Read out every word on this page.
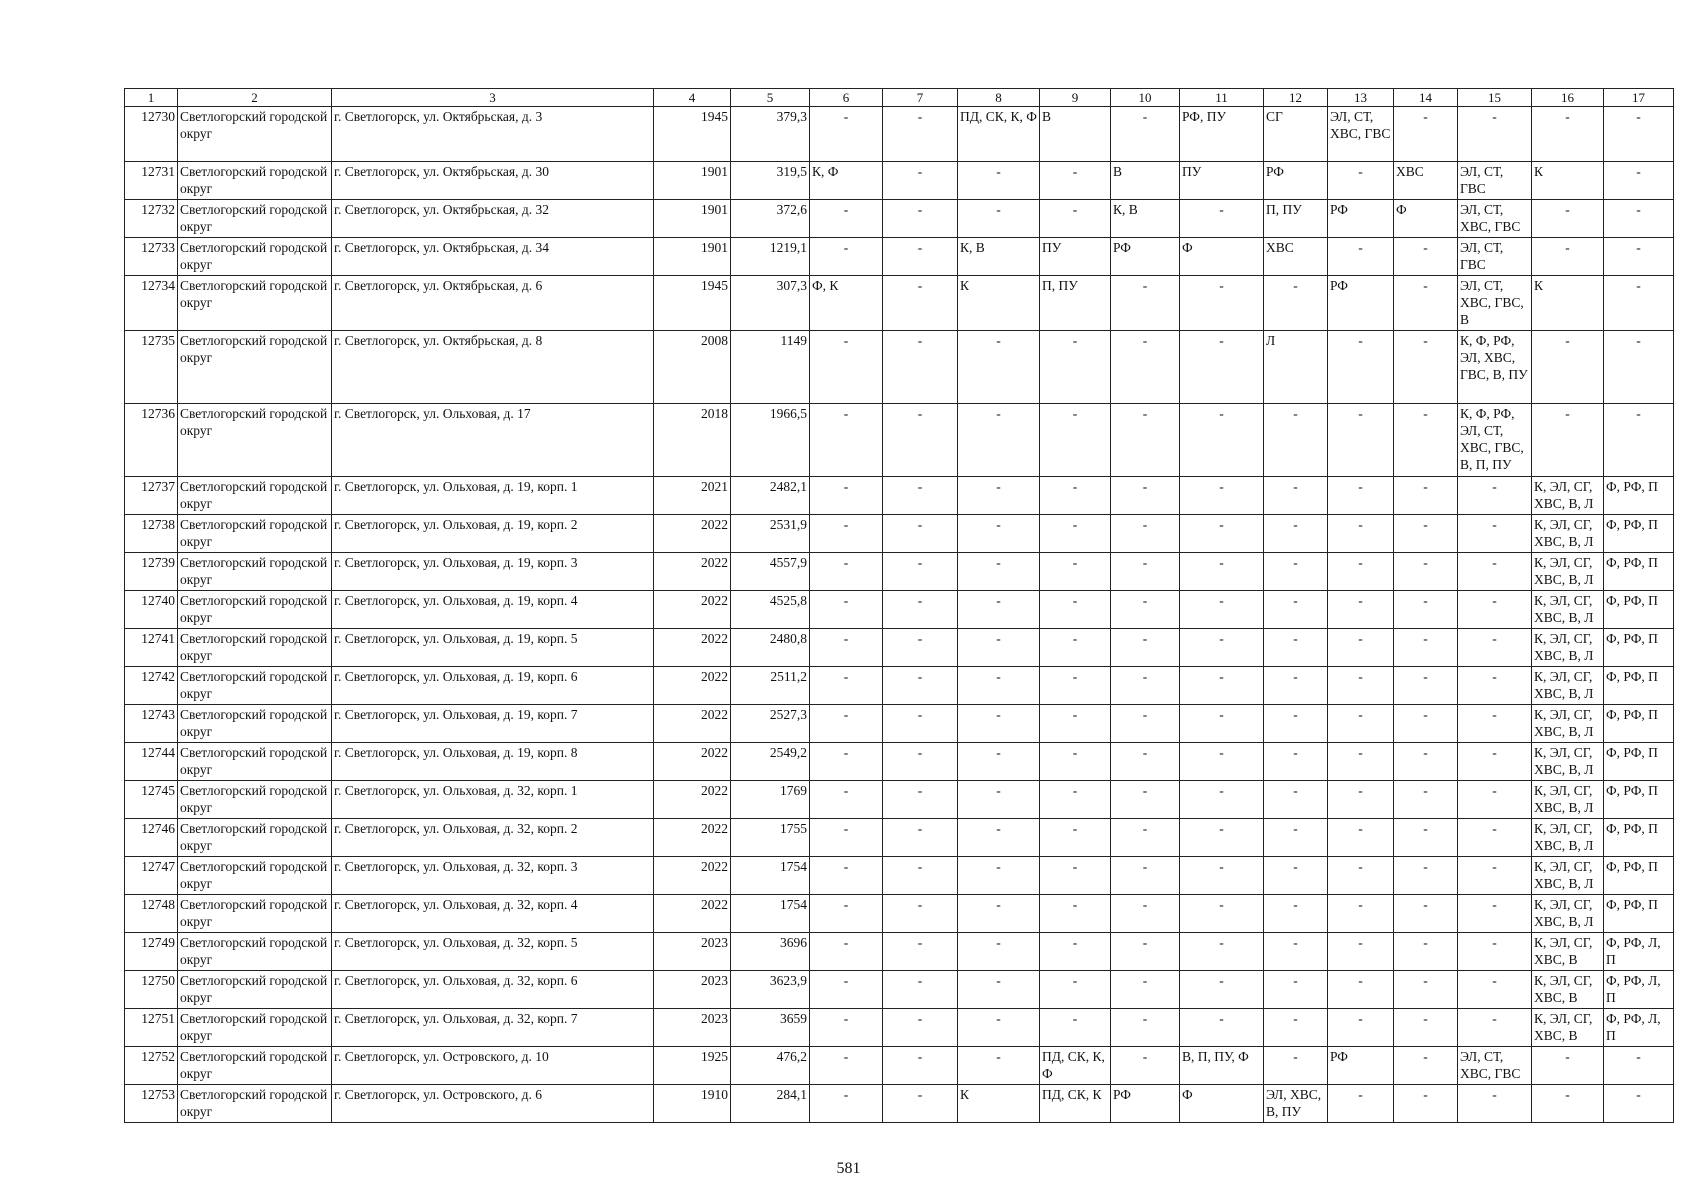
1	2	3	4	5	6	7	8	9	10	11	12	13	14	15	16	17
12730	Светлогорский городской округ	г. Светлогорск, ул. Октябрьская, д. 3	1945	379,3	-	-	ПД, СК, К, Ф	В	-	РФ, ПУ	СГ	ЭЛ, СТ, ХВС, ГВС	-	-	-	-
12731	Светлогорский городской округ	г. Светлогорск, ул. Октябрьская, д. 30	1901	319,5	К, Ф	-	-	-	В	ПУ	РФ	-	ХВС	ЭЛ, СТ, ГВС	К	-
12732	Светлогорский городской округ	г. Светлогорск, ул. Октябрьская, д. 32	1901	372,6	-	-	-	-	К, В	-	П, ПУ	РФ	Ф	ЭЛ, СТ, ХВС, ГВС	-	-
12733	Светлогорский городской округ	г. Светлогорск, ул. Октябрьская, д. 34	1901	1219,1	-	-	К, В	ПУ	РФ	Ф	ХВС	-	-	ЭЛ, СТ, ГВС	-	-
12734	Светлогорский городской округ	г. Светлогорск, ул. Октябрьская, д. 6	1945	307,3	Ф, К	-	К	П, ПУ	-	-	-	РФ	-	ЭЛ, СТ, ХВС, ГВС, В	К	-
12735	Светлогорский городской округ	г. Светлогорск, ул. Октябрьская, д. 8	2008	1149	-	-	-	-	-	-	Л	-	-	К, Ф, РФ, ЭЛ, ХВС, ГВС, В, ПУ	-	-
12736	Светлогорский городской округ	г. Светлогорск, ул. Ольховая, д. 17	2018	1966,5	-	-	-	-	-	-	-	-	-	К, Ф, РФ, ЭЛ, СТ, ХВС, ГВС, В, П, ПУ	-	-
12737	Светлогорский городской округ	г. Светлогорск, ул. Ольховая, д. 19, корп. 1	2021	2482,1	-	-	-	-	-	-	-	-	-	-	К, ЭЛ, СГ, ХВС, В, Л	Ф, РФ, П
12738	Светлогорский городской округ	г. Светлогорск, ул. Ольховая, д. 19, корп. 2	2022	2531,9	-	-	-	-	-	-	-	-	-	-	К, ЭЛ, СГ, ХВС, В, Л	Ф, РФ, П
12739	Светлогорский городской округ	г. Светлогорск, ул. Ольховая, д. 19, корп. 3	2022	4557,9	-	-	-	-	-	-	-	-	-	-	К, ЭЛ, СГ, ХВС, В, Л	Ф, РФ, П
12740	Светлогорский городской округ	г. Светлогорск, ул. Ольховая, д. 19, корп. 4	2022	4525,8	-	-	-	-	-	-	-	-	-	-	К, ЭЛ, СГ, ХВС, В, Л	Ф, РФ, П
12741	Светлогорский городской округ	г. Светлогорск, ул. Ольховая, д. 19, корп. 5	2022	2480,8	-	-	-	-	-	-	-	-	-	-	К, ЭЛ, СГ, ХВС, В, Л	Ф, РФ, П
12742	Светлогорский городской округ	г. Светлогорск, ул. Ольховая, д. 19, корп. 6	2022	2511,2	-	-	-	-	-	-	-	-	-	-	К, ЭЛ, СГ, ХВС, В, Л	Ф, РФ, П
12743	Светлогорский городской округ	г. Светлогорск, ул. Ольховая, д. 19, корп. 7	2022	2527,3	-	-	-	-	-	-	-	-	-	-	К, ЭЛ, СГ, ХВС, В, Л	Ф, РФ, П
12744	Светлогорский городской округ	г. Светлогорск, ул. Ольховая, д. 19, корп. 8	2022	2549,2	-	-	-	-	-	-	-	-	-	-	К, ЭЛ, СГ, ХВС, В, Л	Ф, РФ, П
12745	Светлогорский городской округ	г. Светлогорск, ул. Ольховая, д. 32, корп. 1	2022	1769	-	-	-	-	-	-	-	-	-	-	К, ЭЛ, СГ, ХВС, В, Л	Ф, РФ, П
12746	Светлогорский городской округ	г. Светлогорск, ул. Ольховая, д. 32, корп. 2	2022	1755	-	-	-	-	-	-	-	-	-	-	К, ЭЛ, СГ, ХВС, В, Л	Ф, РФ, П
12747	Светлогорский городской округ	г. Светлогорск, ул. Ольховая, д. 32, корп. 3	2022	1754	-	-	-	-	-	-	-	-	-	-	К, ЭЛ, СГ, ХВС, В, Л	Ф, РФ, П
12748	Светлогорский городской округ	г. Светлогорск, ул. Ольховая, д. 32, корп. 4	2022	1754	-	-	-	-	-	-	-	-	-	-	К, ЭЛ, СГ, ХВС, В, Л	Ф, РФ, П
12749	Светлогорский городской округ	г. Светлогорск, ул. Ольховая, д. 32, корп. 5	2023	3696	-	-	-	-	-	-	-	-	-	-	К, ЭЛ, СГ, ХВС, В	Ф, РФ, Л, П
12750	Светлогорский городской округ	г. Светлогорск, ул. Ольховая, д. 32, корп. 6	2023	3623,9	-	-	-	-	-	-	-	-	-	-	К, ЭЛ, СГ, ХВС, В	Ф, РФ, Л, П
12751	Светлогорский городской округ	г. Светлогорск, ул. Ольховая, д. 32, корп. 7	2023	3659	-	-	-	-	-	-	-	-	-	-	К, ЭЛ, СГ, ХВС, В	Ф, РФ, Л, П
12752	Светлогорский городской округ	г. Светлогорск, ул. Островского, д. 10	1925	476,2	-	-	-	ПД, СК, К, Ф	-	В, П, ПУ, Ф	-	РФ	-	ЭЛ, СТ, ХВС, ГВС	-	-
12753	Светлогорский городской округ	г. Светлогорск, ул. Островского, д. 6	1910	284,1	-	-	К	ПД, СК, К	РФ	Ф	ЭЛ, ХВС, В, ПУ	-	-	-	-	-
581
